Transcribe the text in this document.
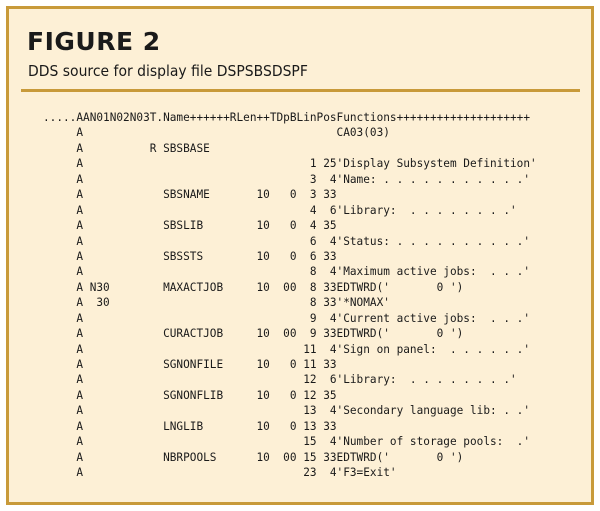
FIGURE 2

DDS source for display file DSPSBSDSPF

.....AAN01N02N03T.Name++++++RLen++TDpBLinPosFunctions++++++++++++++++++++
A                                      CA03(03)
A          R SBSBASE
A                                  1 25'Display Subsystem Definition'
A                                  3  4'Name: . . . . . . . . . . .'
A            SBSNAME       10   0  3 33
A                                  4  6'Library:  . . . . . . . .'
A            SBSLIB        10   0  4 35
A                                  6  4'Status: . . . . . . . . . .'
A            SBSSTS        10   0  6 33
A                                  8  4'Maximum active jobs:  . . .'
A N30        MAXACTJOB     10  00  8 33EDTWRD('       0 ')
A  30                              8 33'*NOMAX'
A                                  9  4'Current active jobs:  . . .'
A            CURACTJOB     10  00  9 33EDTWRD('       0 ')
A                                 11  4'Sign on panel:  . . . . . .'
A            SGNONFILE     10   0 11 33
A                                 12  6'Library:  . . . . . . . .'
A            SGNONFLIB     10   0 12 35
A                                 13  4'Secondary language lib: . .'
A            LNGLIB        10   0 13 33
A                                 15  4'Number of storage pools:  .'
A            NBRPOOLS      10  00 15 33EDTWRD('       0 ')
A                                 23  4'F3=Exit'
